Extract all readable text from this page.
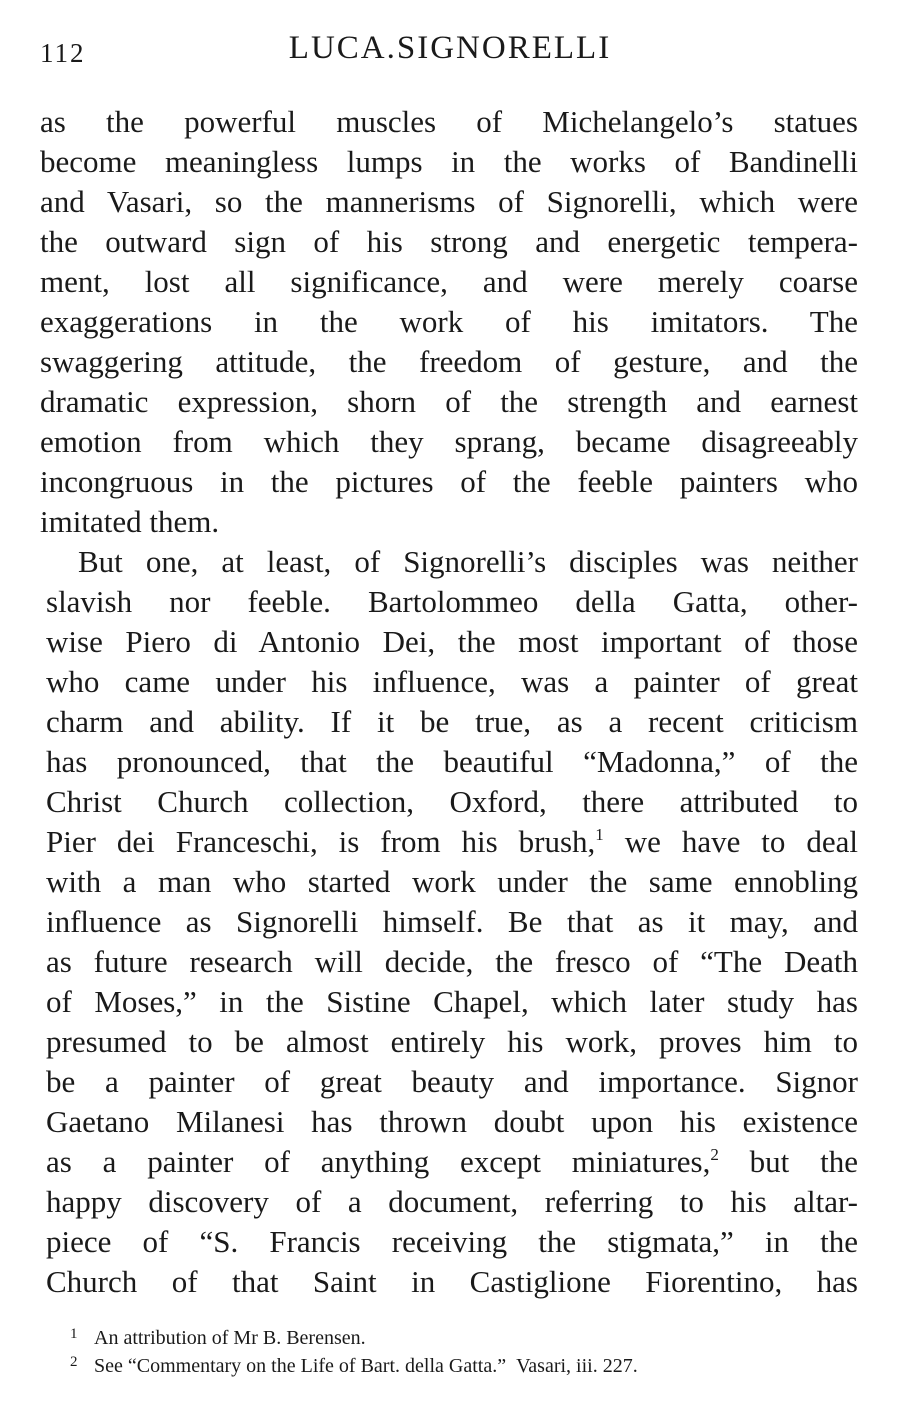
112	LUCA.SIGNORELLI
as the powerful muscles of Michelangelo’s statues
become meaningless lumps in the works of Bandinelli
and Vasari, so the mannerisms of Signorelli, which were
the outward sign of his strong and energetic tempera-
ment, lost all significance, and were merely coarse
exaggerations in the work of his imitators. The
swaggering attitude, the freedom of gesture, and the
dramatic expression, shorn of the strength and earnest
emotion from which they sprang, became disagreeably
incongruous in the pictures of the feeble painters who
imitated them.
But one, at least, of Signorelli’s disciples was neither
slavish nor feeble. Bartolommeo della Gatta, other-
wise Piero di Antonio Dei, the most important of those
who came under his influence, was a painter of great
charm and ability. If it be true, as a recent criticism
has pronounced, that the beautiful “Madonna,” of the
Christ Church collection, Oxford, there attributed to
Pier dei Franceschi, is from his brush,$^1$ we have to deal
with a man who started work under the same ennobling
influence as Signorelli himself. Be that as it may, and
as future research will decide, the fresco of “The Death
of Moses,” in the Sistine Chapel, which later study has
presumed to be almost entirely his work, proves him to
be a painter of great beauty and importance. Signor
Gaetano Milanesi has thrown doubt upon his existence
as a painter of anything except miniatures,$^2$ but the
happy discovery of a document, referring to his altar-
piece of “S. Francis receiving the stigmata,” in the
Church of that Saint in Castiglione Fiorentino, has
1 An attribution of Mr B. Berensen.
2 See “Commentary on the Life of Bart. della Gatta.”  Vasari, iii. 227.
